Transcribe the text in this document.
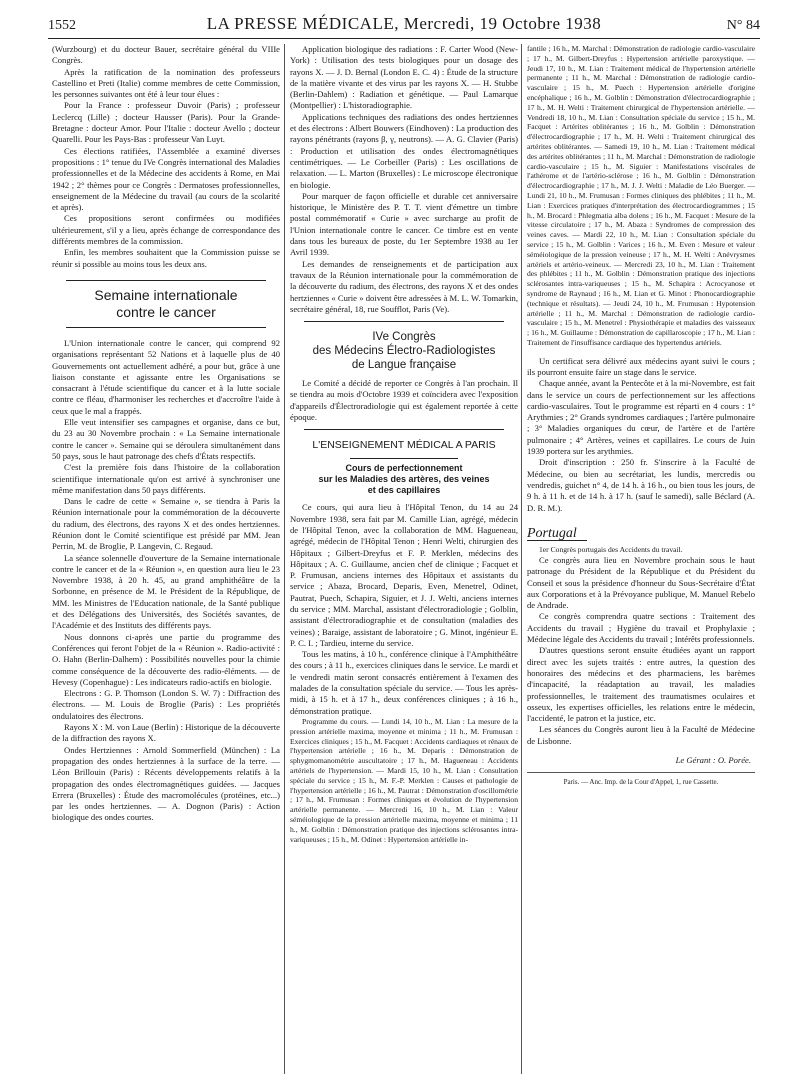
1552	LA PRESSE MÉDICALE, Mercredi, 19 Octobre 1938	N° 84

(Wurzbourg) et du docteur Bauer, secrétaire général du VIIIe Congrès.

Après la ratification de la nomination des professeurs Castellino et Preti (Italie) comme membres de cette Commission, les personnes suivantes ont été à leur tour élues :

Pour la France : professeur Duvoir (Paris) ; professeur Leclercq (Lille) ; docteur Hausser (Paris). Pour la Grande-Bretagne : docteur Amor. Pour l'Italie : docteur Avello ; docteur Quarelli. Pour les Pays-Bas : professeur Van Luyt.

Ces élections ratifiées, l'Assemblée a examiné diverses propositions : 1° tenue du IVe Congrès international des Maladies professionnelles et de la Médecine des accidents à Rome, en Mai 1942 ; 2° thèmes pour ce Congrès : Dermatoses professionnelles, enseignement de la Médecine du travail (au cours de la scolarité et après).

Ces propositions seront confirmées ou modifiées ultérieurement, s'il y a lieu, après échange de correspondance des différents membres de la commission.

Enfin, les membres souhaitent que la Commission puisse se réunir si possible au moins tous les deux ans.

Semaine internationale
contre le cancer

L'Union internationale contre le cancer, qui comprend 92 organisations représentant 52 Nations et à laquelle plus de 40 Gouvernements ont actuellement adhéré, a pour but, grâce à une liaison constante et agissante entre les Organisations se consacrant à l'étude scientifique du cancer et à la lutte sociale contre ce fléau, d'harmoniser les recherches et d'accroître l'aide à ceux que le mal a frappés.

Elle veut intensifier ses campagnes et organise, dans ce but, du 23 au 30 Novembre prochain : « La Semaine internationale contre le cancer ». Semaine qui se déroulera simultanément dans 50 pays, sous le haut patronage des chefs d'États respectifs.

C'est la première fois dans l'histoire de la collaboration scientifique internationale qu'on est arrivé à synchroniser une même manifestation dans 50 pays différents.

Dans le cadre de cette « Semaine », se tiendra à Paris la Réunion internationale pour la commémoration de la découverte du radium, des électrons, des rayons X et des ondes hertziennes. Réunion dont le Comité scientifique est présidé par MM. Jean Perrin, M. de Broglie, P. Langevin, C. Regaud.

La séance solennelle d'ouverture de la Semaine internationale contre le cancer et de la « Réunion », en question aura lieu le 23 Novembre 1938, à 20 h. 45, au grand amphithéâtre de la Sorbonne, en présence de M. le Président de la République, de MM. les Ministres de l'Education nationale, de la Santé publique et des Délégations des Universités, des Sociétés savantes, de l'Académie et des Instituts des différents pays.

Nous donnons ci-après une partie du programme des Conférences qui feront l'objet de la « Réunion ». Radio-activité : O. Hahn (Berlin-Dalhem) : Possibilités nouvelles pour la chimie comme conséquence de la découverte des radio-éléments. — de Hevesy (Copenhague) : Les indicateurs radio-actifs en biologie.

Electrons : G. P. Thomson (London S. W. 7) : Diffraction des électrons. — M. Louis de Broglie (Paris) : Les propriétés ondulatoires des électrons.

Rayons X : M. von Laue (Berlin) : Historique de la découverte de la diffraction des rayons X.

Ondes Hertziennes : Arnold Sommerfield (München) : La propagation des ondes hertziennes à la surface de la terre. — Léon Brillouin (Paris) : Récents développements relatifs à la propagation des ondes électromagnétiques guidées. — Jacques Errera (Bruxelles) : Étude des macromolécules (protéines, etc...) par les ondes hertziennes. — A. Dognon (Paris) : Action biologique des ondes courtes.

Application biologique des radiations : F. Carter Wood (New-York) : Utilisation des tests biologiques pour un dosage des rayons X. — J. D. Bernal (London E. C. 4) : Étude de la structure de la matière vivante et des virus par les rayons X. — H. Stubbe (Berlin-Dahlem) : Radiation et génétique. — Paul Lamarque (Montpellier) : L'historadiographie.

Applications techniques des radiations des ondes hertziennes et des électrons : Albert Bouwers (Eindhoven) : La production des rayons pénétrants (rayons β, γ, neutrons). — A. G. Clavier (Paris) : Production et utilisation des ondes électromagnétiques centimétriques. — Le Corbeiller (Paris) : Les oscillations de relaxation. — L. Marton (Bruxelles) : Le microscope électronique en biologie.

Pour marquer de façon officielle et durable cet anniversaire historique, le Ministère des P. T. T. vient d'émettre un timbre postal commémoratif « Curie » avec surcharge au profit de l'Union internationale contre le cancer. Ce timbre est en vente dans tous les bureaux de poste, du 1er Septembre 1938 au 1er Avril 1939.

Les demandes de renseignements et de participation aux travaux de la Réunion internationale pour la commémoration de la découverte du radium, des électrons, des rayons X et des ondes hertziennes « Curie » doivent être adressées à M. L. W. Tomarkin, secrétaire général, 18, rue Soufflot, Paris (Ve).

IVe Congrès
des Médecins Électro-Radiologistes
de Langue française

Le Comité a décidé de reporter ce Congrès à l'an prochain. Il se tiendra au mois d'Octobre 1939 et coïncidera avec l'exposition d'appareils d'Électroradiologie qui est également reportée à cette époque.

L'ENSEIGNEMENT MÉDICAL A PARIS
Cours de perfectionnement
sur les Maladies des artères, des veines
et des capillaires

Ce cours, qui aura lieu à l'Hôpital Tenon, du 14 au 24 Novembre 1938, sera fait par M. Camille Lian, agrégé, médecin de l'Hôpital Tenon, avec la collaboration de MM. Hagueneau, agrégé, médecin de l'Hôpital Tenon ; Henri Welti, chirurgien des Hôpitaux ; Gilbert-Dreyfus et F. P. Merklen, médecins des Hôpitaux ; A. C. Guillaume, ancien chef de clinique ; Facquet et P. Frumusan, anciens internes des Hôpitaux et assistants du service ; Abaza, Brocard, Deparis, Even, Menetrel, Odinet, Pautrat, Puech, Schapira, Siguier, et J. J. Welti, anciens internes du service ; MM. Marchal, assistant d'électroradiologie ; Golblin, assistant d'électroradiographie et de consultation (maladies des veines) ; Baraige, assistant de laboratoire ; G. Minot, ingénieur E. P. C. I. ; Tardieu, interne du service.

Tous les matins, à 10 h., conférence clinique à l'Amphithéâtre des cours ; à 11 h., exercices cliniques dans le service. Le mardi et le vendredi matin seront consacrés entièrement à l'examen des malades de la consultation spéciale du service. — Tous les après-midi, à 15 h. et à 17 h., deux conférences cliniques ; à 16 h., démonstration pratique.

Programme du cours. — Lundi 14, 10 h., M. Lian : La mesure de la pression artérielle maxima, moyenne et minima ; 11 h., M. Frumusan : Exercices cliniques ; 15 h., M. Facquet : Accidents cardiaques et rénaux de l'hypertension artérielle ; 16 h., M. Deparis : Démonstration de sphygmomanométrie auscultatoire ; 17 h., M. Hagueneau : Accidents artériels de l'hypertension. — Mardi 15, 10 h., M. Lian : Consultation spéciale du service ; 15 h., M. F.-P. Merklen : Causes et pathologie de l'hypertension artérielle ; 16 h., M. Pautrat : Démonstration d'oscillométrie ; 17 h., M. Frumusan : Formes cliniques et évolution de l'hypertension artérielle permanente. — Mercredi 16, 10 h., M. Lian : Valeur séméiologique de la pression artérielle maxima, moyenne et minima ; 11 h., M. Golblin : Démonstration pratique des injections sclérosantes intra-variqueuses ; 15 h., M. Odinet : Hypertension artérielle in-

fantile ; 16 h., M. Marchal : Démonstration de radiologie cardio-vasculaire ; 17 h., M. Gilbert-Dreyfus : Hypertension artérielle paroxystique. — Jeudi 17, 10 h., M. Lian : Traitement médical de l'hypertension artérielle permanente ; 11 h., M. Marchal : Démonstration de radiologie cardio-vasculaire ; 15 h., M. Puech : Hypertension artérielle d'origine encéphalique ; 16 h., M. Golblin : Démonstration d'électrocardiographie ; 17 h., M. H. Welti : Traitement chirurgical de l'hypertension artérielle. — Vendredi 18, 10 h., M. Lian : Consultation spéciale du service ; 15 h., M. Facquet : Artérites oblitérantes ; 16 h., M. Golblin : Démonstration d'électrocardiographie ; 17 h., M. H. Welti : Traitement chirurgical des artérites oblitérantes. — Samedi 19, 10 h., M. Lian : Traitement médical des artérites oblitérantes ; 11 h., M. Marchal : Démonstration de radiologie cardio-vasculaire ; 15 h., M. Siguier : Manifestations viscérales de l'athérome et de l'artério-sclérose ; 16 h., M. Golblin : Démonstration d'électrocardiographie ; 17 h., M. J. J. Welti : Maladie de Léo Buerger. — Lundi 21, 10 h., M. Frumusan : Formes cliniques des phlébites ; 11 h., M. Lian : Exercices pratiques d'interprétation des électrocardiogrammes ; 15 h., M. Brocard : Phlegmatia alba dolens ; 16 h., M. Facquet : Mesure de la vitesse circulatoire ; 17 h., M. Abaza : Syndromes de compression des veines caves. — Mardi 22, 10 h., M. Lian : Consultation spéciale du service ; 15 h., M. Golblin : Varices ; 16 h., M. Even : Mesure et valeur séméiologique de la pression veineuse ; 17 h., M. H. Welti : Anévrysmes artériels et artério-veineux. — Mercredi 23, 10 h., M. Lian : Traitement des phlébites ; 11 h., M. Golblin : Démonstration pratique des injections sclérosantes intra-variqueuses ; 15 h., M. Schapira : Acrocyanose et syndrome de Raynaud ; 16 h., M. Lian et G. Minot : Phonocardiographie (technique et résultats). — Jeudi 24, 10 h., M. Frumusan : Hypotension artérielle ; 11 h., M. Marchal : Démonstration de radiologie cardio-vasculaire ; 15 h., M. Menetrel : Physiothérapie et maladies des vaisseaux ; 16 h., M. Guillaume : Démonstration de capillaroscopie ; 17 h., M. Lian : Traitement de l'insuffisance cardiaque des hypertendus artériels.

Un certificat sera délivré aux médecins ayant suivi le cours ; ils pourront ensuite faire un stage dans le service.

Chaque année, avant la Pentecôte et à la mi-Novembre, est fait dans le service un cours de perfectionnement sur les affections cardio-vasculaires. Tout le programme est réparti en 4 cours : 1° Arythmies ; 2° Grands syndromes cardiaques ; l'artère pulmonaire ; 3° Maladies organiques du cœur, de l'artère et de l'artère pulmonaire ; 4° Artères, veines et capillaires. Le cours de Juin 1939 portera sur les arythmies.

Droit d'inscription : 250 fr. S'inscrire à la Faculté de Médecine, ou bien au secrétariat, les lundis, mercredis ou vendredis, guichet n° 4, de 14 h. à 16 h., ou bien tous les jours, de 9 h. à 11 h. et de 14 h. à 17 h. (sauf le samedi), salle Béclard (A. D. R. M.).

Portugal

1er Congrès portugais des Accidents du travail.

Ce congrès aura lieu en Novembre prochain sous le haut patronage du Président de la République et du Président du Conseil et sous la présidence d'honneur du Sous-Secrétaire d'État aux Corporations et à la Prévoyance publique, M. Manuel Rebelo de Andrade.

Ce congrès comprendra quatre sections : Traitement des Accidents du travail ; Hygiène du travail et Prophylaxie ; Médecine légale des Accidents du travail ; Intérêts professionnels.

D'autres questions seront ensuite étudiées ayant un rapport direct avec les sujets traités : entre autres, la question des honoraires des médecins et des pharmaciens, les barèmes d'incapacité, la réadaptation au travail, les maladies professionnelles, le traitement des traumatismes oculaires et osseux, les expertises officielles, les relations entre le médecin, l'accidenté, le patron et la justice, etc.

Les séances du Congrès auront lieu à la Faculté de Médecine de Lisbonne.

Le Gérant : O. Porée.
Paris. — Anc. Imp. de la Cour d'Appel, 1, rue Cassette.
